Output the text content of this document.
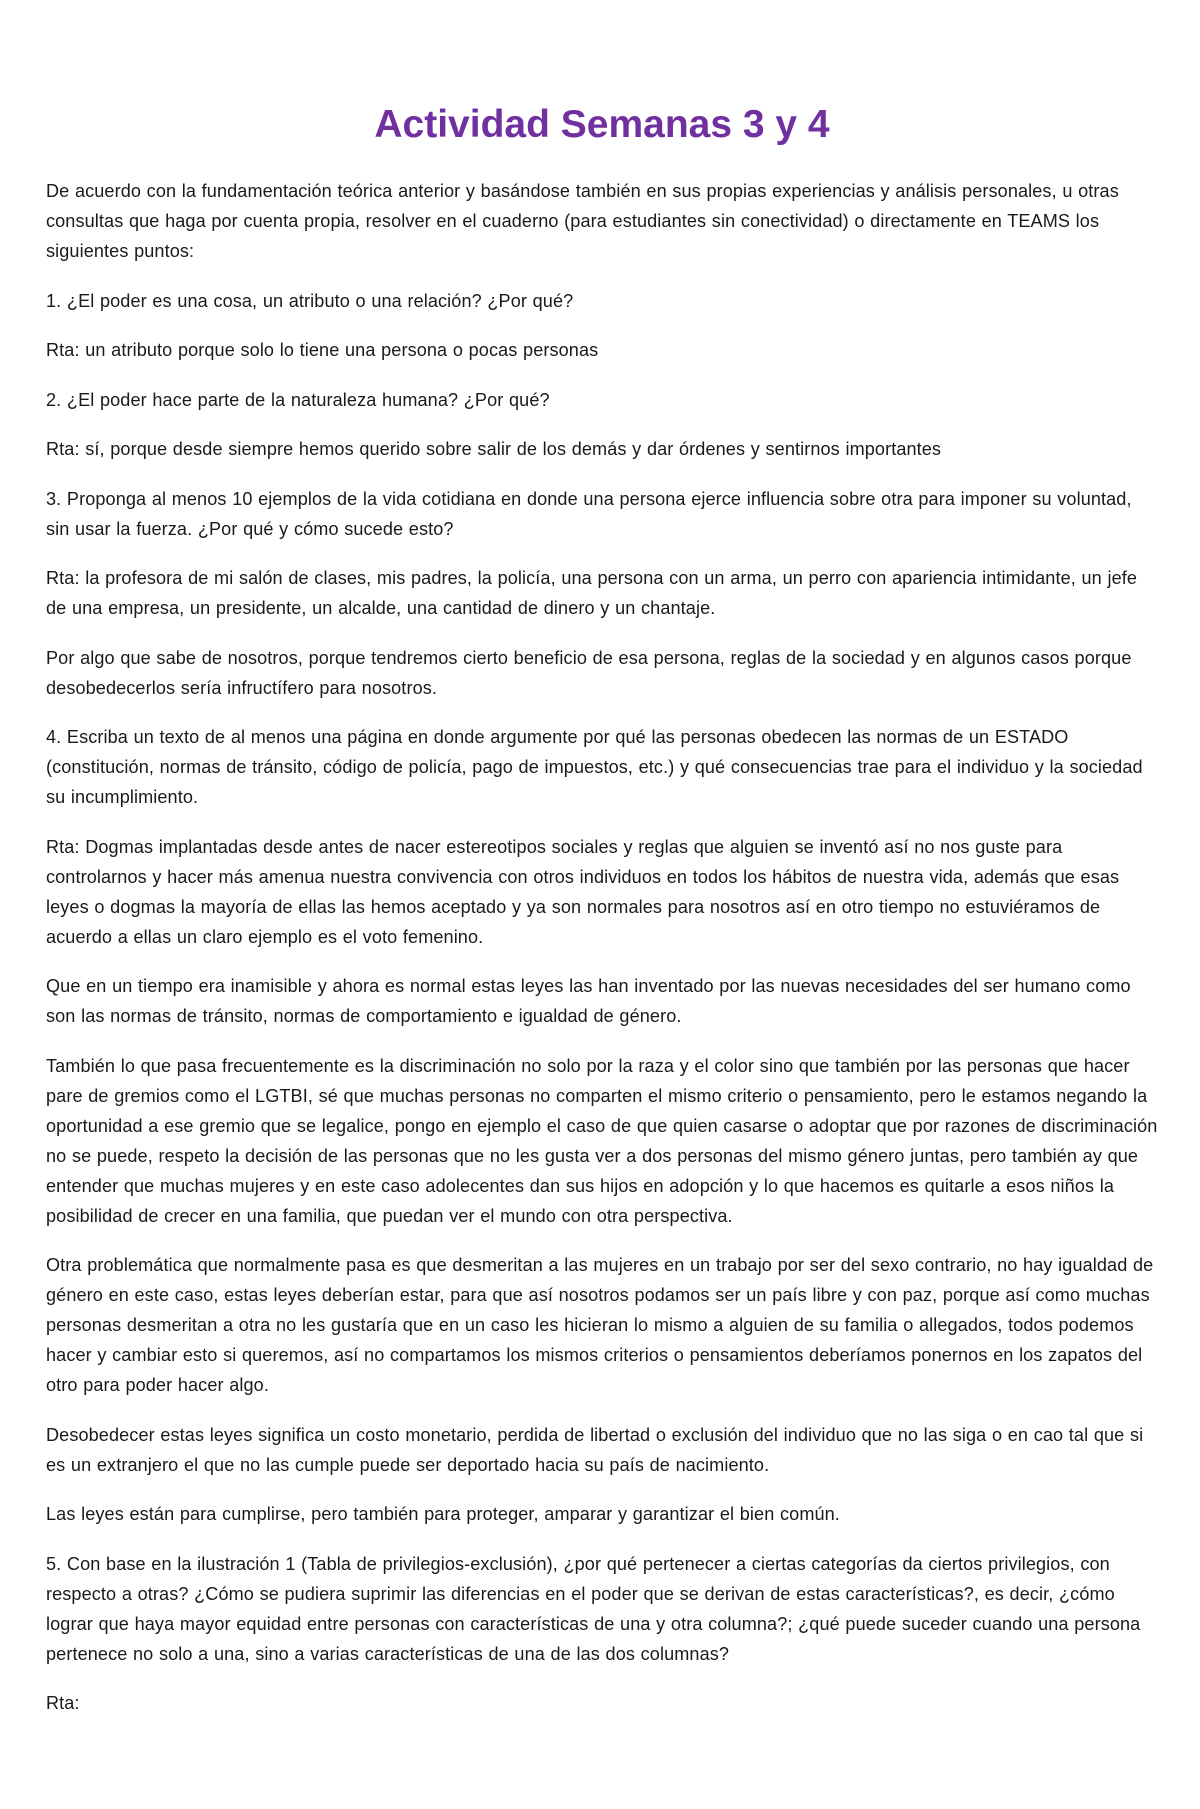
Actividad Semanas 3 y 4

De acuerdo con la fundamentación teórica anterior y basándose también en sus propias experiencias y análisis personales, u otras consultas que haga por cuenta propia, resolver en el cuaderno (para estudiantes sin conectividad) o directamente en TEAMS los siguientes puntos:

1. ¿El poder es una cosa, un atributo o una relación? ¿Por qué?

Rta: un atributo porque solo lo tiene una persona o pocas personas

2. ¿El poder hace parte de la naturaleza humana? ¿Por qué?

Rta: sí, porque desde siempre hemos querido sobre salir de los demás y dar órdenes y sentirnos importantes

3. Proponga al menos 10 ejemplos de la vida cotidiana en donde una persona ejerce influencia sobre otra para imponer su voluntad, sin usar la fuerza. ¿Por qué y cómo sucede esto?

Rta: la profesora de mi salón de clases, mis padres, la policía, una persona con un arma, un perro con apariencia intimidante, un jefe de una empresa, un presidente, un alcalde, una cantidad de dinero y un chantaje.

Por algo que sabe de nosotros, porque tendremos cierto beneficio de esa persona, reglas de la sociedad y en algunos casos porque desobedecerlos sería infructífero para nosotros.

4. Escriba un texto de al menos una página en donde argumente por qué las personas obedecen las normas de un ESTADO (constitución, normas de tránsito, código de policía, pago de impuestos, etc.) y qué consecuencias trae para el individuo y la sociedad su incumplimiento.

Rta: Dogmas implantadas desde antes de nacer estereotipos sociales y reglas que alguien se inventó así no nos guste para controlarnos y hacer más amenua nuestra convivencia con otros individuos en todos los hábitos de nuestra vida, además que esas leyes o dogmas la mayoría de ellas las hemos aceptado y ya son normales para nosotros así en otro tiempo no estuviéramos de acuerdo a ellas un claro ejemplo es el voto femenino.

Que en un tiempo era inamisible y ahora es normal estas leyes las han inventado por las nuevas necesidades del ser humano como son las normas de tránsito, normas de comportamiento e igualdad de género.

También lo que pasa frecuentemente es la discriminación no solo por la raza y el color sino que también por las personas que hacer pare de gremios como el LGTBI, sé que muchas personas no comparten el mismo criterio o pensamiento, pero le estamos negando la oportunidad a ese gremio que se legalice, pongo en ejemplo el caso de que quien casarse o adoptar que por razones de discriminación no se puede, respeto la decisión de las personas que no les gusta ver a dos personas del mismo género juntas, pero también ay que entender que muchas mujeres y en este caso adolecentes dan sus hijos en adopción y lo que hacemos es quitarle a esos niños la posibilidad de crecer en una familia, que puedan ver el mundo con otra perspectiva.

Otra problemática que normalmente pasa es que desmeritan a las mujeres en un trabajo por ser del sexo contrario, no hay igualdad de género en este caso, estas leyes deberían estar, para que así nosotros podamos ser un país libre y con paz, porque así como muchas personas desmeritan a otra no les gustaría que en un caso les hicieran lo mismo a alguien de su familia o allegados, todos podemos hacer y cambiar esto si queremos, así no compartamos los mismos criterios o pensamientos deberíamos ponernos en los zapatos del otro para poder hacer algo.

Desobedecer estas leyes significa un costo monetario, perdida de libertad o exclusión del individuo que no las siga o en cao tal que si es un extranjero el que no las cumple puede ser deportado hacia su país de nacimiento.

Las leyes están para cumplirse, pero también para proteger, amparar y garantizar el bien común.

5. Con base en la ilustración 1 (Tabla de privilegios-exclusión), ¿por qué pertenecer a ciertas categorías da ciertos privilegios, con respecto a otras? ¿Cómo se pudiera suprimir las diferencias en el poder que se derivan de estas características?, es decir, ¿cómo lograr que haya mayor equidad entre personas con características de una y otra columna?; ¿qué puede suceder cuando una persona pertenece no solo a una, sino a varias características de una de las dos columnas?

Rta:
